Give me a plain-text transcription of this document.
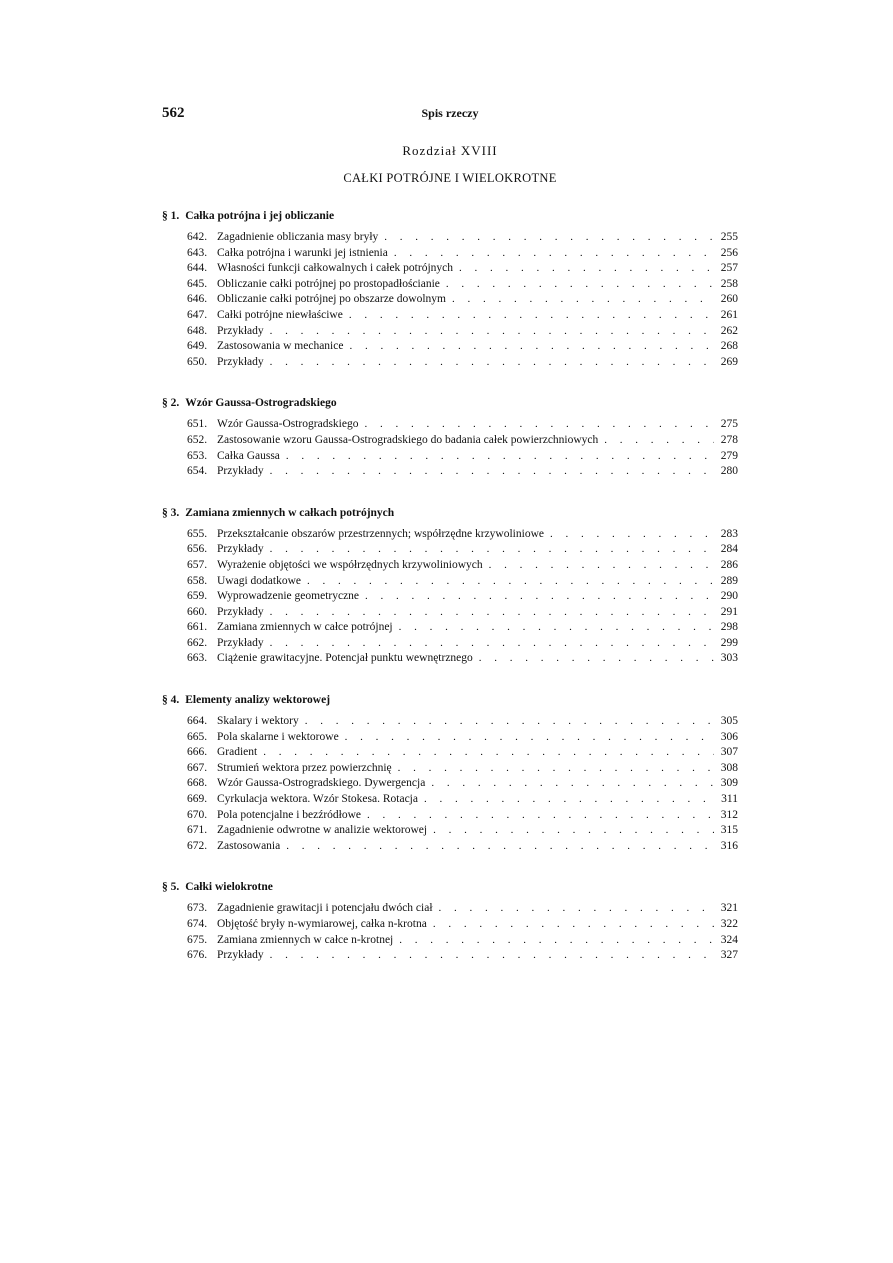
562	Spis rzeczy
Rozdział XVIII
CAŁKI POTRÓJNE I WIELOKROTNE
§ 1. Całka potrójna i jej obliczanie
642. Zagadnienie obliczania masy bryły . . .	255
643. Całka potrójna i warunki jej istnienia . . .	256
644. Własności funkcji całkowalnych i całek potrójnych . . .	257
645. Obliczanie całki potrójnej po prostopadłościanie . . .	258
646. Obliczanie całki potrójnej po obszarze dowolnym . . .	260
647. Całki potrójne niewłaściwe . . .	261
648. Przykłady . . .	262
649. Zastosowania w mechanice . . .	268
650. Przykłady . . .	269
§ 2. Wzór Gaussa-Ostrogradskiego
651. Wzór Gaussa-Ostrogradskiego . . .	275
652. Zastosowanie wzoru Gaussa-Ostrogradskiego do badania całek powierzchniowych . . .	278
653. Całka Gaussa . . .	279
654. Przykłady . . .	280
§ 3. Zamiana zmiennych w całkach potrójnych
655. Przekształcanie obszarów przestrzennych; współrzędne krzywoliniowe . . .	283
656. Przykłady . . .	284
657. Wyrażenie objętości we współrzędnych krzywoliniowych . . .	286
658. Uwagi dodatkowe . . .	289
659. Wyprowadzenie geometryczne . . .	290
660. Przykłady . . .	291
661. Zamiana zmiennych w całce potrójnej . . .	298
662. Przykłady . . .	299
663. Ciążenie grawitacyjne. Potencjał punktu wewnętrznego . . .	303
§ 4. Elementy analizy wektorowej
664. Skalary i wektory . . .	305
665. Pola skalarne i wektorowe . . .	306
666. Gradient . . .	307
667. Strumień wektora przez powierzchnię . . .	308
668. Wzór Gaussa-Ostrogradskiego. Dywergencja . . .	309
669. Cyrkulacja wektora. Wzór Stokesa. Rotacja . . .	311
670. Pola potencjalne i bezźródłowe . . .	312
671. Zagadnienie odwrotne w analizie wektorowej . . .	315
672. Zastosowania . . .	316
§ 5. Całki wielokrotne
673. Zagadnienie grawitacji i potencjału dwóch ciał . . .	321
674. Objętość bryły n-wymiarowej, całka n-krotna . . .	322
675. Zamiana zmiennych w całce n-krotnej . . .	324
676. Przykłady . . .	327
